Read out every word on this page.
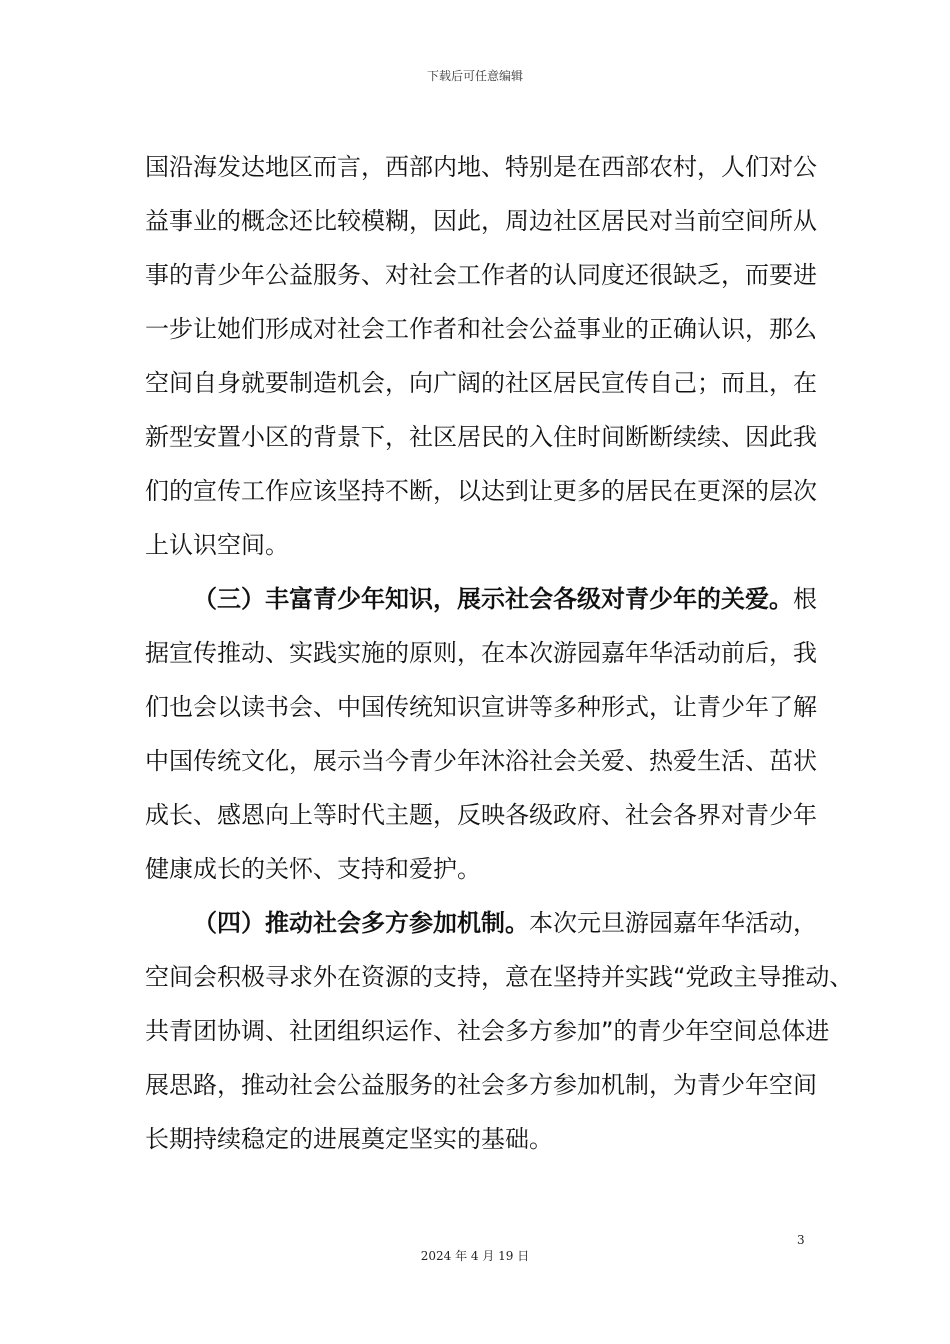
下载后可任意编辑
国沿海发达地区而言，西部内地、特别是在西部农村，人们对公
益事业的概念还比较模糊，因此，周边社区居民对当前空间所从
事的青少年公益服务、对社会工作者的认同度还很缺乏，而要进
一步让她们形成对社会工作者和社会公益事业的正确认识，那么
空间自身就要制造机会，向广阔的社区居民宣传自己；而且，在
新型安置小区的背景下，社区居民的入住时间断断续续、因此我
们的宣传工作应该坚持不断，以达到让更多的居民在更深的层次
上认识空间。
（三）丰富青少年知识，展示社会各级对青少年的关爱。根
据宣传推动、实践实施的原则，在本次游园嘉年华活动前后，我
们也会以读书会、中国传统知识宣讲等多种形式，让青少年了解
中国传统文化，展示当今青少年沐浴社会关爱、热爱生活、茁状
成长、感恩向上等时代主题，反映各级政府、社会各界对青少年
健康成长的关怀、支持和爱护。
（四）推动社会多方参加机制。本次元旦游园嘉年华活动，
空间会积极寻求外在资源的支持，意在坚持并实践“党政主导推动、
共青团协调、社团组织运作、社会多方参加”的青少年空间总体进
展思路，推动社会公益服务的社会多方参加机制，为青少年空间
长期持续稳定的进展奠定坚实的基础。
3
2024 年 4 月 19 日
